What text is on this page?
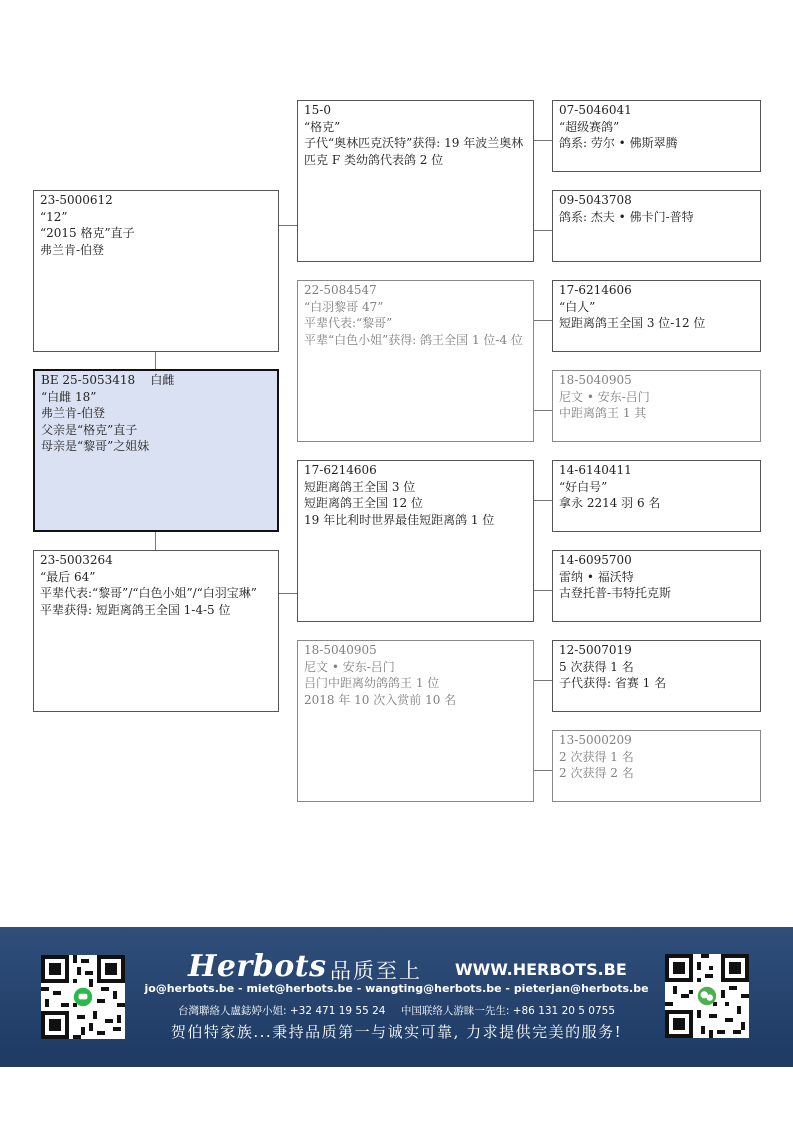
23-5000612
“12”
“2015 格克”直子
弗兰肯-伯登
BE 25-5053418    白雌
“白雌 18”
弗兰肯-伯登
父亲是“格克”直子
母亲是“黎哥”之姐妹
23-5003264
“最后 64”
平辈代表:“黎哥”/“白色小姐”/“白羽宝琳”
平辈获得: 短距离鸽王全国 1-4-5 位
15-0
“格克”
子代“奥林匹克沃特”获得: 19 年波兰奥林匹克 F 类幼鸽代表鸽 2 位
22-5084547
“白羽黎哥 47”
平辈代表:“黎哥”
平辈“白色小姐”获得: 鸽王全国 1 位-4 位
17-6214606
短距离鸽王全国 3 位
短距离鸽王全国 12 位
19 年比利时世界最佳短距离鸽 1 位
18-5040905
尼文 • 安东-吕门
吕门中距离幼鸽鸽王 1 位
2018 年 10 次入赏前 10 名
07-5046041
“超级赛鸽”
鸽系: 劳尔 • 佛斯翠腾
09-5043708
鸽系: 杰夫 • 佛卡门-普特
17-6214606
“白人”
短距离鸽王全国 3 位-12 位
18-5040905
尼文 • 安东-吕门
中距离鸽王 1 其
14-6140411
“好白号”
拿永 2214 羽 6 名
14-6095700
雷纳 • 福沃特
古登托普-韦特托克斯
12-5007019
5 次获得 1 名
子代获得: 省赛 1 名
13-5000209
2 次获得 1 名
2 次获得 2 名
Herbots 品质至上 WWW.HERBOTS.BE
jo@herbots.be - miet@herbots.be - wangting@herbots.be - pieterjan@herbots.be
台灣聯絡人盧鋕婷小姐: +32 471 19 55 24 中国联络人游睐一先生: +86 131 20 5 0755
贺伯特家族...秉持品质第一与诚实可靠, 力求提供完美的服务!
